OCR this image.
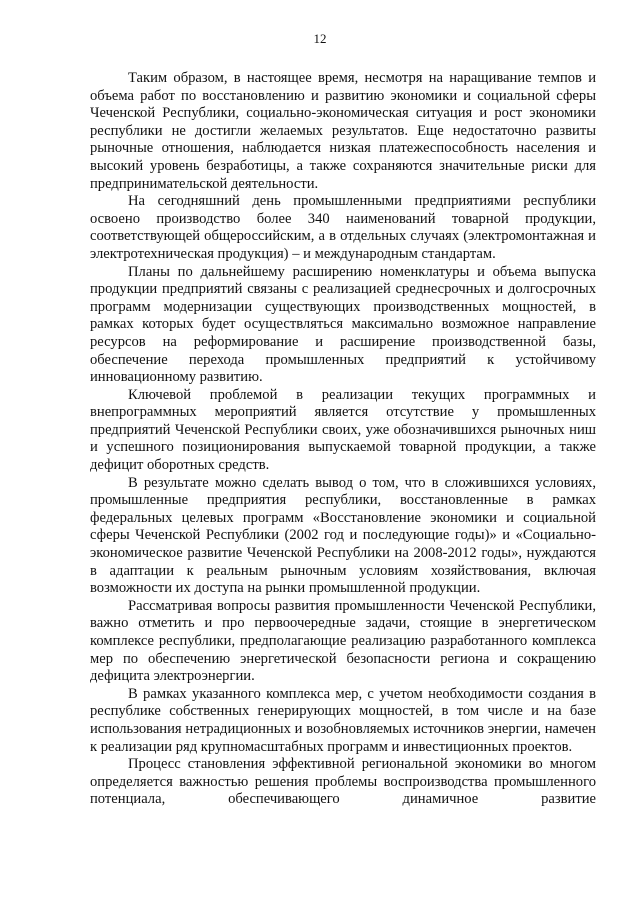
12

Таким образом, в настоящее время, несмотря на наращивание темпов и объема работ по восстановлению и развитию экономики и социальной сферы Чеченской Республики, социально-экономическая ситуация и рост экономики республики не достигли желаемых результатов. Еще недостаточно развиты рыночные отношения, наблюдается низкая платежеспособность населения и высокий уровень безработицы, а также сохраняются значительные риски для предпринимательской деятельности.

На сегодняшний день промышленными предприятиями республики освоено производство более 340 наименований товарной продукции, соответствующей общероссийским, а в отдельных случаях (электромонтажная и электротехническая продукция) – и международным стандартам.

Планы по дальнейшему расширению номенклатуры и объема выпуска продукции предприятий связаны с реализацией среднесрочных и долгосрочных программ модернизации существующих производственных мощностей, в рамках которых будет осуществляться максимально возможное направление ресурсов на реформирование и расширение производственной базы, обеспечение перехода промышленных предприятий к устойчивому инновационному развитию.

Ключевой проблемой в реализации текущих программных и внепрограммных мероприятий является отсутствие у промышленных предприятий Чеченской Республики своих, уже обозначившихся рыночных ниш и успешного позиционирования выпускаемой товарной продукции, а также дефицит оборотных средств.

В результате можно сделать вывод о том, что в сложившихся условиях, промышленные предприятия республики, восстановленные в рамках федеральных целевых программ «Восстановление экономики и социальной сферы Чеченской Республики (2002 год и последующие годы)» и «Социально-экономическое развитие Чеченской Республики на 2008-2012 годы», нуждаются в адаптации к реальным рыночным условиям хозяйствования, включая возможности их доступа на рынки промышленной продукции.

Рассматривая вопросы развития промышленности Чеченской Республики, важно отметить и про первоочередные задачи, стоящие в энергетическом комплексе республики, предполагающие реализацию разработанного комплекса мер по обеспечению энергетической безопасности региона и сокращению дефицита электроэнергии.

В рамках указанного комплекса мер, с учетом необходимости создания в республике собственных генерирующих мощностей, в том числе и на базе использования нетрадиционных и возобновляемых источников энергии, намечен к реализации ряд крупномасштабных программ и инвестиционных проектов.

Процесс становления эффективной региональной экономики во многом определяется важностью решения проблемы воспроизводства промышленного потенциала, обеспечивающего динамичное развитие
